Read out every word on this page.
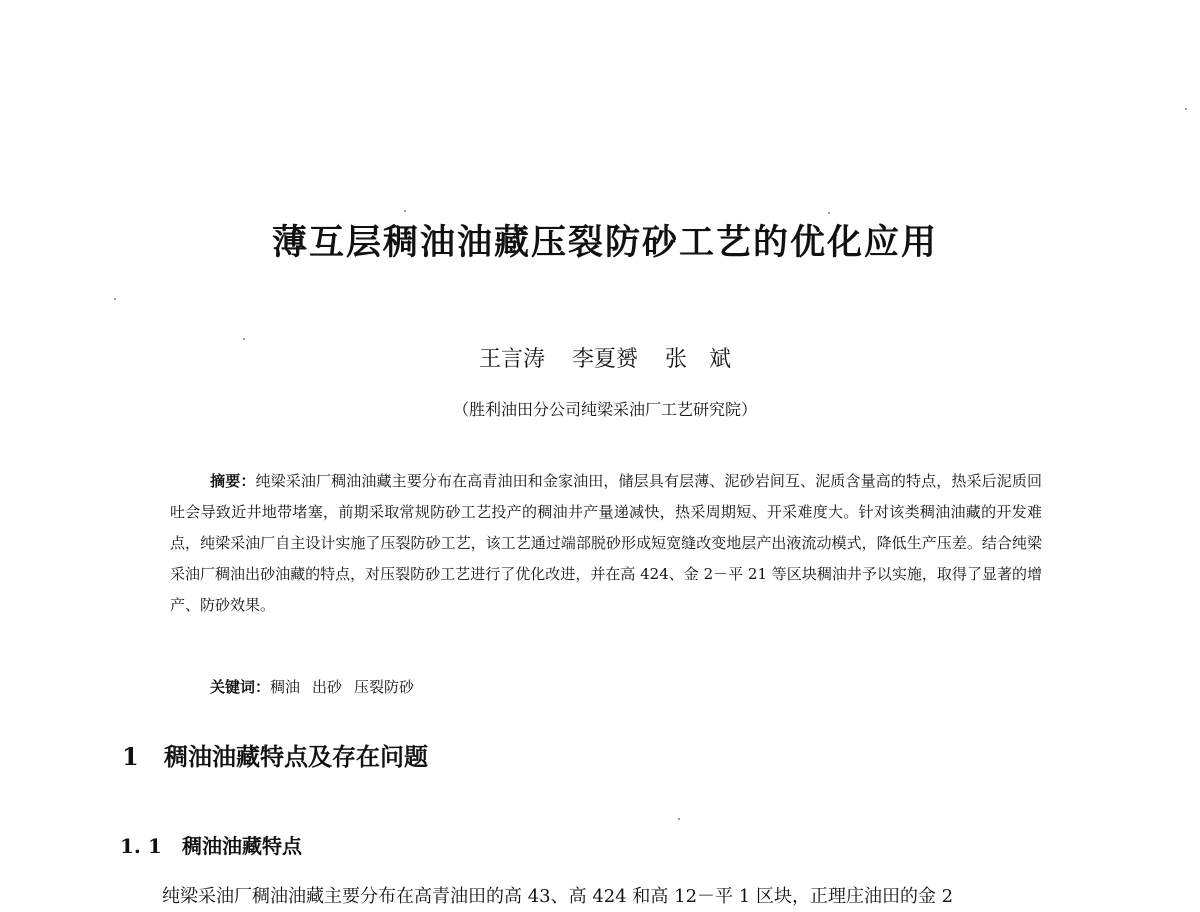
薄互层稠油油藏压裂防砂工艺的优化应用

王言涛 李夏赟 张　斌

（胜利油田分公司纯梁采油厂工艺研究院）

摘要：纯梁采油厂稠油油藏主要分布在高青油田和金家油田，储层具有层薄、泥砂岩间互、泥质含量高的特点，热采后泥质回吐会导致近井地带堵塞，前期采取常规防砂工艺投产的稠油井产量递减快，热采周期短、开采难度大。针对该类稠油油藏的开发难点，纯梁采油厂自主设计实施了压裂防砂工艺，该工艺通过端部脱砂形成短宽缝改变地层产出液流动模式，降低生产压差。结合纯梁采油厂稠油出砂油藏的特点，对压裂防砂工艺进行了优化改进，并在高 424、金 2－平 21 等区块稠油井予以实施，取得了显著的增产、防砂效果。

关键词：稠油 出砂 压裂防砂

1 稠油油藏特点及存在问题
1. 1 稠油油藏特点

纯梁采油厂稠油油藏主要分布在高青油田的高 43、高 424 和高 12－平 1 区块，正理庄油田的金 2
